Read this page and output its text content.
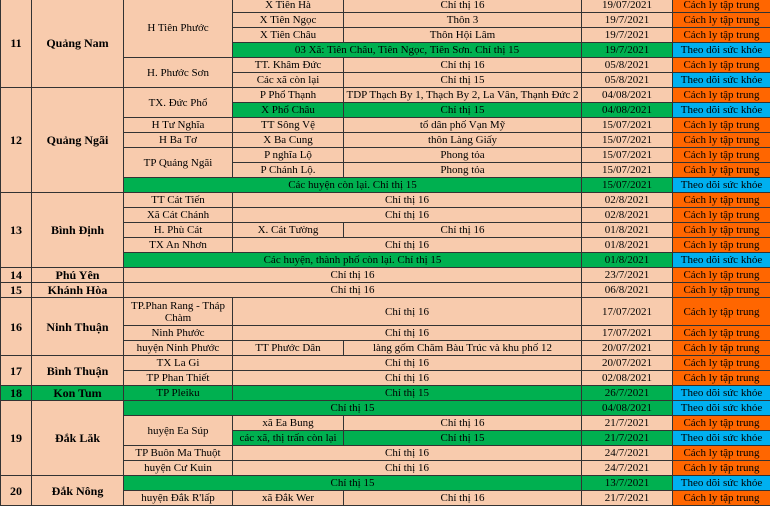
11	Quảng Nam	H Tiên Phước	X Tiên Hà	Chỉ thị 16	19/07/2021	Cách ly tập trung
			X Tiên Ngọc	Thôn 3	19/7/2021	Cách ly tập trung
			X Tiên Châu	Thôn Hội Lâm	19/7/2021	Cách ly tập trung
			03 Xã: Tiên Châu, Tiên Ngọc, Tiên Sơn. Chỉ thị 15		19/7/2021	Theo dõi sức khỏe
		H. Phước Sơn	TT. Khâm Đức	Chỉ thị 16	05/8/2021	Cách ly tập trung
			Các xã còn lại	Chỉ thị 15	05/8/2021	Theo dõi sức khỏe
12	Quảng Ngãi	TX. Đức Phổ	P Phổ Thạnh	TDP Thạch By 1, Thạch By 2, La Vân, Thạnh Đức 2	04/08/2021	Cách ly tập trung
			X Phổ Châu	Chỉ thị 15	04/08/2021	Theo dõi sức khỏe
		H Tư Nghĩa	TT Sông Vệ	tổ dân phố Vạn Mỹ	15/07/2021	Cách ly tập trung
		H Ba Tơ	X Ba Cung	thôn Làng Giấy	15/07/2021	Cách ly tập trung
		TP Quảng Ngãi	P nghĩa Lộ	Phong tỏa	15/07/2021	Cách ly tập trung
			P Chánh Lộ.	Phong tỏa	15/07/2021	Cách ly tập trung
		Các huyện còn lại. Chỉ thị 15			15/07/2021	Theo dõi sức khỏe
13	Bình Định	TT Cát Tiến	Chỉ thị 16		02/8/2021	Cách ly tập trung
		Xã Cát Chánh	Chỉ thị 16		02/8/2021	Cách ly tập trung
		H. Phù Cát	X. Cát Tường	Chỉ thị 16	01/8/2021	Cách ly tập trung
		TX An Nhơn	Chỉ thị 16		01/8/2021	Cách ly tập trung
		Các huyện, thành phố còn lại. Chỉ thị 15			01/8/2021	Theo dõi sức khỏe
14	Phú Yên	Chỉ thị 16			23/7/2021	Cách ly tập trung
15	Khánh Hòa	Chỉ thị 16			06/8/2021	Cách ly tập trung
16	Ninh Thuận	TP.Phan Rang - Tháp Chàm	Chỉ thị 16		17/07/2021	Cách ly tập trung
		Ninh Phước	Chỉ thị 16		17/07/2021	Cách ly tập trung
		huyện Ninh Phước	TT Phước Dân	làng gốm Chăm Bàu Trúc và khu phố 12	20/07/2021	Cách ly tập trung
17	Bình Thuận	TX La Gi	Chỉ thị 16		20/07/2021	Cách ly tập trung
		TP Phan Thiết	Chỉ thị 16		02/08/2021	Cách ly tập trung
18	Kon Tum	TP Pleiku	Chỉ thị 15		26/7/2021	Theo dõi sức khỏe
19	Đắk Lăk	Chỉ thị 15			04/08/2021	Theo dõi sức khỏe
		huyện Ea Súp	xã Ea Bung	Chỉ thị 16	21/7/2021	Cách ly tập trung
			các xã, thị trấn còn lại	Chỉ thị 15	21/7/2021	Theo dõi sức khỏe
		TP Buôn Ma Thuột	Chỉ thị 16		24/7/2021	Cách ly tập trung
		huyện Cư Kuin	Chỉ thị 16		24/7/2021	Cách ly tập trung
20	Đắk Nông	Chỉ thị 15			13/7/2021	Theo dõi sức khỏe
		huyện Đắk R'lấp	xã Đắk Wer	Chỉ thị 16	21/7/2021	Cách ly tập trung
